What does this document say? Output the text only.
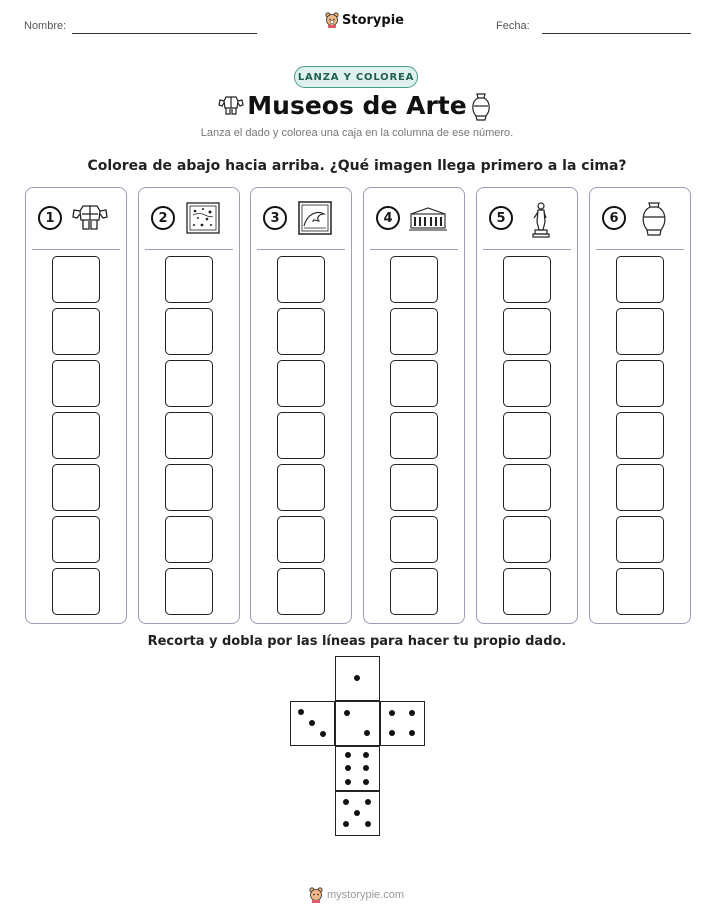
Nombre:	Storypie	Fecha:
LANZA Y COLOREA
Museos de Arte
Lanza el dado y colorea una caja en la columna de ese número.
Colorea de abajo hacia arriba. ¿Qué imagen llega primero a la cima?
1	2	3	4	5	6
Recorta y dobla por las líneas para hacer tu propio dado.
mystorypie.com
